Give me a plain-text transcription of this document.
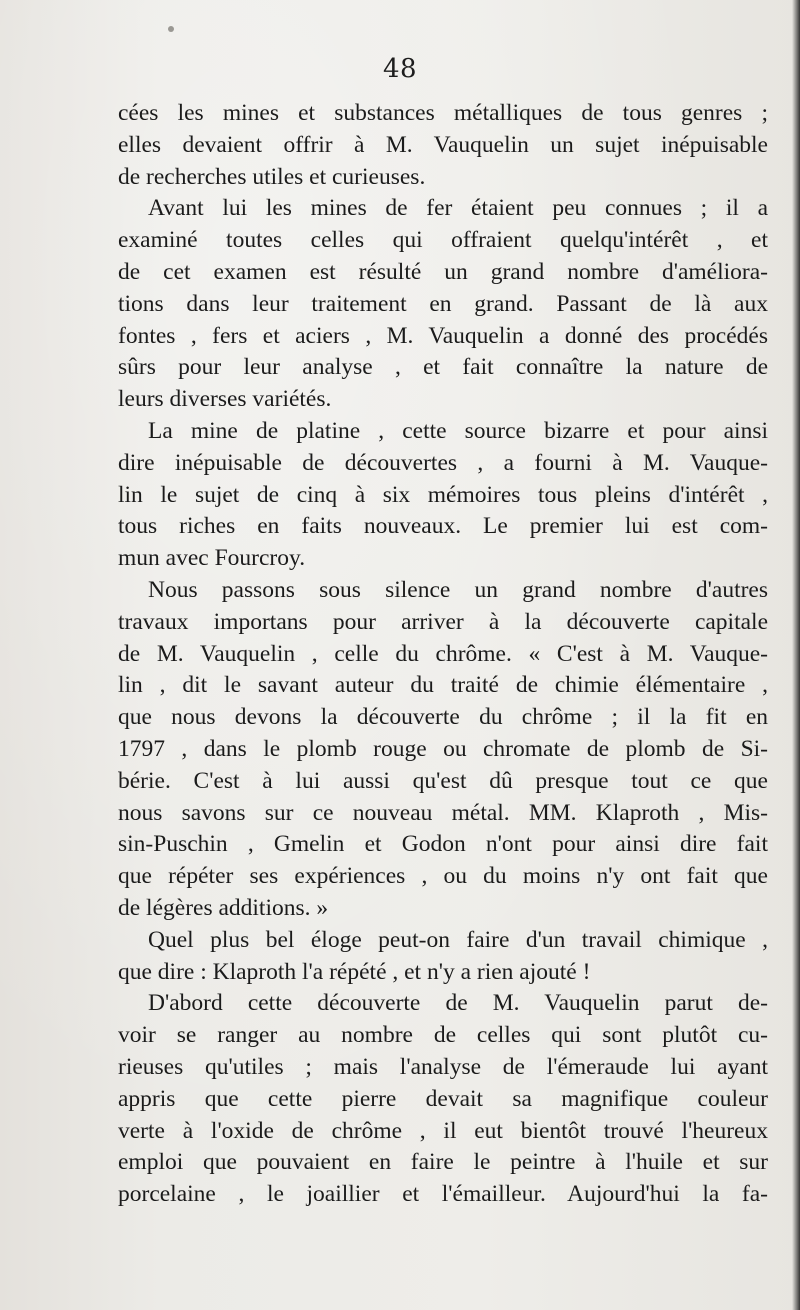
48
cées les mines et substances métalliques de tous genres ;
elles devaient offrir à M. Vauquelin un sujet inépuisable
de recherches utiles et curieuses.
Avant lui les mines de fer étaient peu connues ; il a
examiné toutes celles qui offraient quelqu'intérêt , et
de cet examen est résulté un grand nombre d'améliora-
tions dans leur traitement en grand. Passant de là aux
fontes , fers et aciers , M. Vauquelin a donné des procédés
sûrs pour leur analyse , et fait connaître la nature de
leurs diverses variétés.
La mine de platine , cette source bizarre et pour ainsi
dire inépuisable de découvertes , a fourni à M. Vauque-
lin le sujet de cinq à six mémoires tous pleins d'intérêt ,
tous riches en faits nouveaux. Le premier lui est com-
mun avec Fourcroy.
Nous passons sous silence un grand nombre d'autres
travaux importans pour arriver à la découverte capitale
de M. Vauquelin , celle du chrôme. « C'est à M. Vauque-
lin , dit le savant auteur du traité de chimie élémentaire ,
que nous devons la découverte du chrôme ; il la fit en
1797 , dans le plomb rouge ou chromate de plomb de Si-
bérie. C'est à lui aussi qu'est dû presque tout ce que
nous savons sur ce nouveau métal. MM. Klaproth , Mis-
sin-Puschin , Gmelin et Godon n'ont pour ainsi dire fait
que répéter ses expériences , ou du moins n'y ont fait que
de légères additions. »
Quel plus bel éloge peut-on faire d'un travail chimique ,
que dire : Klaproth l'a répété , et n'y a rien ajouté !
D'abord cette découverte de M. Vauquelin parut de-
voir se ranger au nombre de celles qui sont plutôt cu-
rieuses qu'utiles ; mais l'analyse de l'émeraude lui ayant
appris que cette pierre devait sa magnifique couleur
verte à l'oxide de chrôme , il eut bientôt trouvé l'heureux
emploi que pouvaient en faire le peintre à l'huile et sur
porcelaine , le joaillier et l'émailleur. Aujourd'hui la fa-
